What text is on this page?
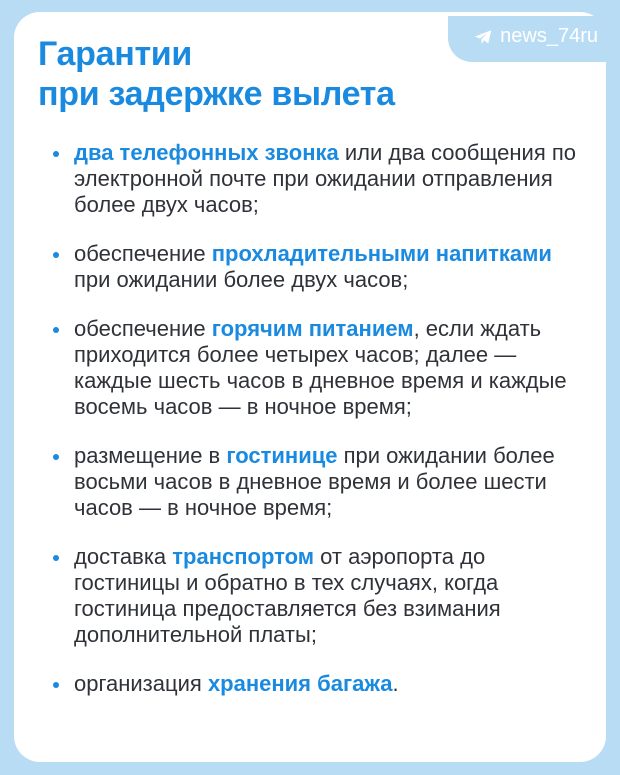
Гарантии
при задержке вылета
news_74ru
два телефонных звонка или два сообщения по электронной почте при ожидании отправления более двух часов;
обеспечение прохладительными напитками при ожидании более двух часов;
обеспечение горячим питанием, если ждать приходится более четырех часов; далее — каждые шесть часов в дневное время и каждые восемь часов — в ночное время;
размещение в гостинице при ожидании более восьми часов в дневное время и более шести часов — в ночное время;
доставка транспортом от аэропорта до гостиницы и обратно в тех случаях, когда гостиница предоставляется без взимания дополнительной платы;
организация хранения багажа.
